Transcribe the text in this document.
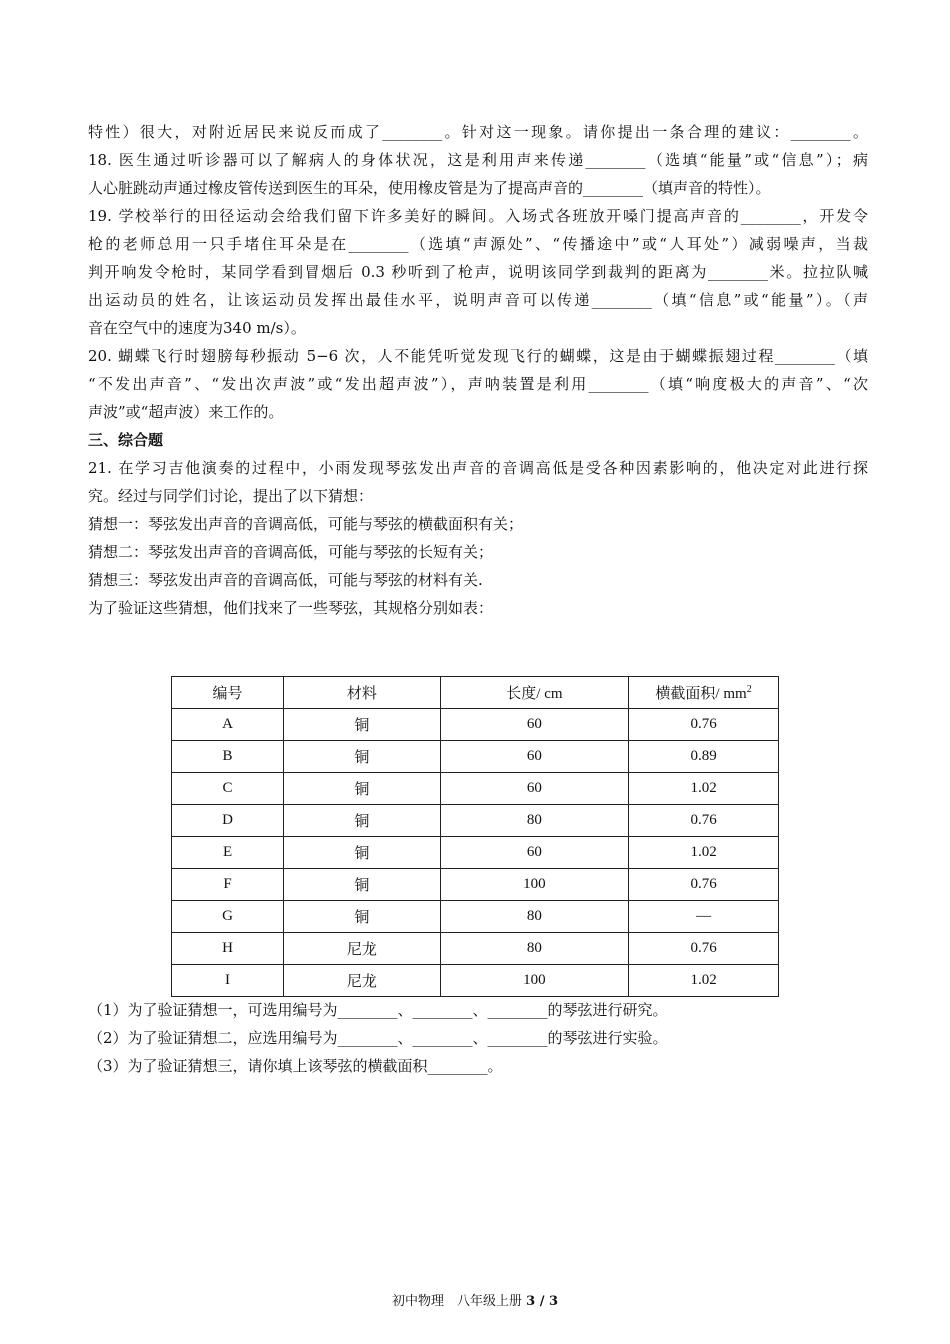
特性）很大，对附近居民来说反而成了________。针对这一现象。请你提出一条合理的建议：________。
18. 医生通过听诊器可以了解病人的身体状况，这是利用声来传递________（选填“能量”或“信息”）；病
人心脏跳动声通过橡皮管传送到医生的耳朵，使用橡皮管是为了提高声音的________（填声音的特性）。
19. 学校举行的田径运动会给我们留下许多美好的瞬间。入场式各班放开嗓门提高声音的________，开发令
枪的老师总用一只手堵住耳朵是在________（选填“声源处”、“传播途中”或“人耳处”）减弱噪声，当裁
判开响发令枪时，某同学看到冒烟后 0.3 秒听到了枪声，说明该同学到裁判的距离为________米。拉拉队喊
出运动员的姓名，让该运动员发挥出最佳水平，说明声音可以传递________（填“信息”或“能量”）。（声
音在空气中的速度为340 m/s）。
20. 蝴蝶飞行时翅膀每秒振动 5−6 次，人不能凭听觉发现飞行的蝴蝶，这是由于蝴蝶振翅过程________（填
“不发出声音”、“发出次声波”或“发出超声波”），声呐装置是利用________（填“响度极大的声音”、“次
声波”或“超声波）来工作的。
三、综合题
21. 在学习吉他演奏的过程中，小雨发现琴弦发出声音的音调高低是受各种因素影响的，他决定对此进行探
究。经过与同学们讨论，提出了以下猜想：
猜想一：琴弦发出声音的音调高低，可能与琴弦的横截面积有关；
猜想二：琴弦发出声音的音调高低，可能与琴弦的长短有关；
猜想三：琴弦发出声音的音调高低，可能与琴弦的材料有关.
为了验证这些猜想，他们找来了一些琴弦，其规格分别如表：
编号	材料	长度/ cm	横截面积/ $mm^2$
A	铜	60	0.76
B	铜	60	0.89
C	铜	60	1.02
D	铜	80	0.76
E	铜	60	1.02
F	铜	100	0.76
G	铜	80	—
H	尼龙	80	0.76
I	尼龙	100	1.02
（1）为了验证猜想一，可选用编号为________、________、________的琴弦进行研究。
（2）为了验证猜想二，应选用编号为________、________、________的琴弦进行实验。
（3）为了验证猜想三，请你填上该琴弦的横截面积________。
初中物理　八年级上册 3 / 3
